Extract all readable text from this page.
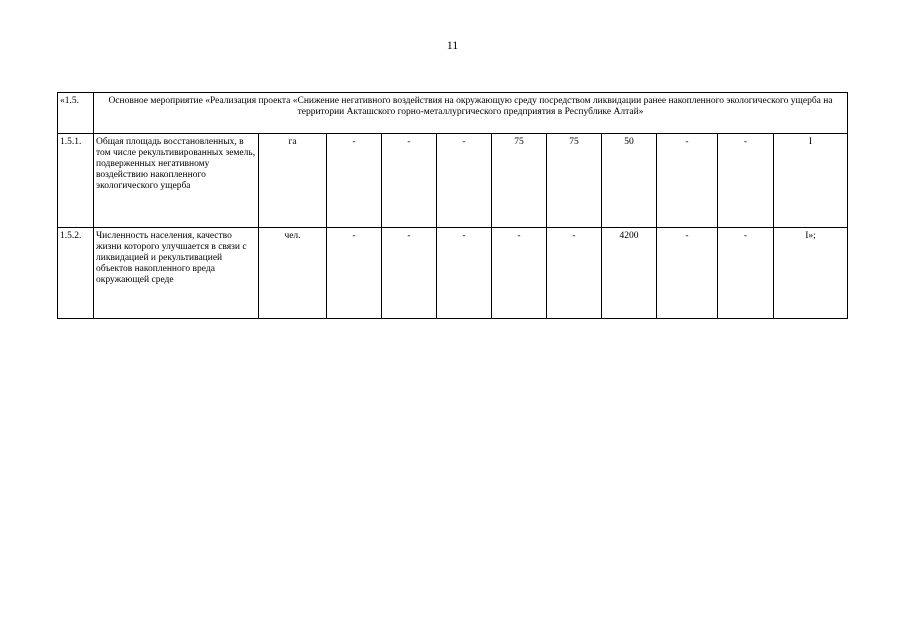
11
«1.5.	Основное мероприятие «Реализация проекта «Снижение негативного воздействия на окружающую среду посредством ликвидации ранее накопленного экологического ущерба на территории Акташского горно-металлургического предприятия в Республике Алтай»										
1.5.1.	Общая площадь восстановленных, в том числе рекультивированных земель, подверженных негативному воздействию накопленного экологического ущерба	га	-	-	-	75	75	50	-	-	I
1.5.2.	Численность населения, качество жизни которого улучшается в связи с ликвидацией и рекультивацией объектов накопленного вреда окружающей среде	чел.	-	-	-	-	-	4200	-	-	I»;
